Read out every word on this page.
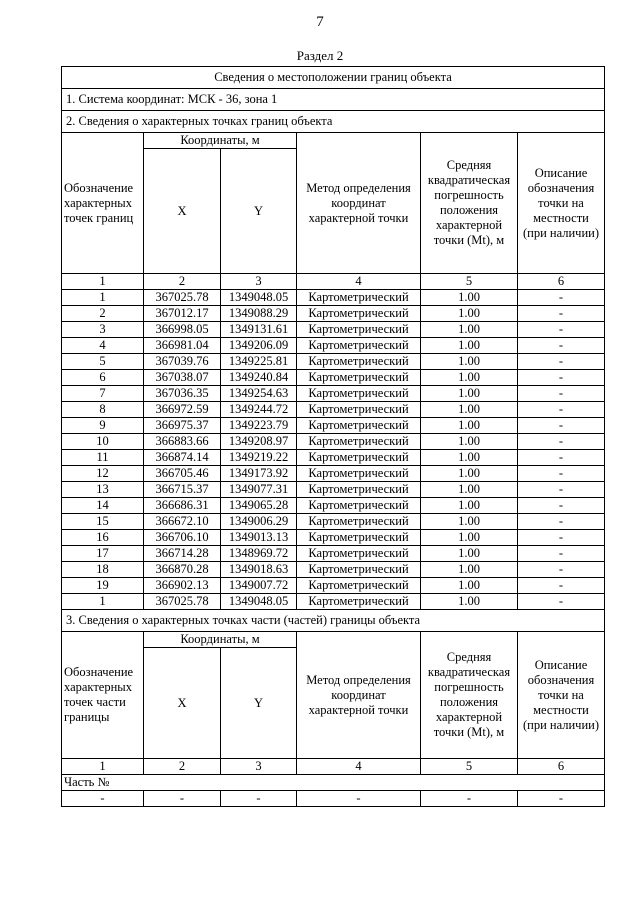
7
Раздел 2
Сведения о местоположении границ объекта					
1. Система координат: МСК - 36, зона 1					
2. Сведения о характерных точках границ объекта					
Обозначение характерных точек границ	Координаты, м		Метод определения координат характерной точки	Средняя квадратическая погрешность положения характерной точки (Mt), м	Описание обозначения точки на местности (при наличии)
	X	Y			
1	2	3	4	5	6
1	367025.78	1349048.05	Картометрический	1.00	-
2	367012.17	1349088.29	Картометрический	1.00	-
3	366998.05	1349131.61	Картометрический	1.00	-
4	366981.04	1349206.09	Картометрический	1.00	-
5	367039.76	1349225.81	Картометрический	1.00	-
6	367038.07	1349240.84	Картометрический	1.00	-
7	367036.35	1349254.63	Картометрический	1.00	-
8	366972.59	1349244.72	Картометрический	1.00	-
9	366975.37	1349223.79	Картометрический	1.00	-
10	366883.66	1349208.97	Картометрический	1.00	-
11	366874.14	1349219.22	Картометрический	1.00	-
12	366705.46	1349173.92	Картометрический	1.00	-
13	366715.37	1349077.31	Картометрический	1.00	-
14	366686.31	1349065.28	Картометрический	1.00	-
15	366672.10	1349006.29	Картометрический	1.00	-
16	366706.10	1349013.13	Картометрический	1.00	-
17	366714.28	1348969.72	Картометрический	1.00	-
18	366870.28	1349018.63	Картометрический	1.00	-
19	366902.13	1349007.72	Картометрический	1.00	-
1	367025.78	1349048.05	Картометрический	1.00	-
3. Сведения о характерных точках части (частей) границы объекта					
Обозначение характерных точек части границы	Координаты, м		Метод определения координат характерной точки	Средняя квадратическая погрешность положения характерной точки (Mt), м	Описание обозначения точки на местности (при наличии)
	X	Y			
1	2	3	4	5	6
Часть №					
-	-	-	-	-	-
